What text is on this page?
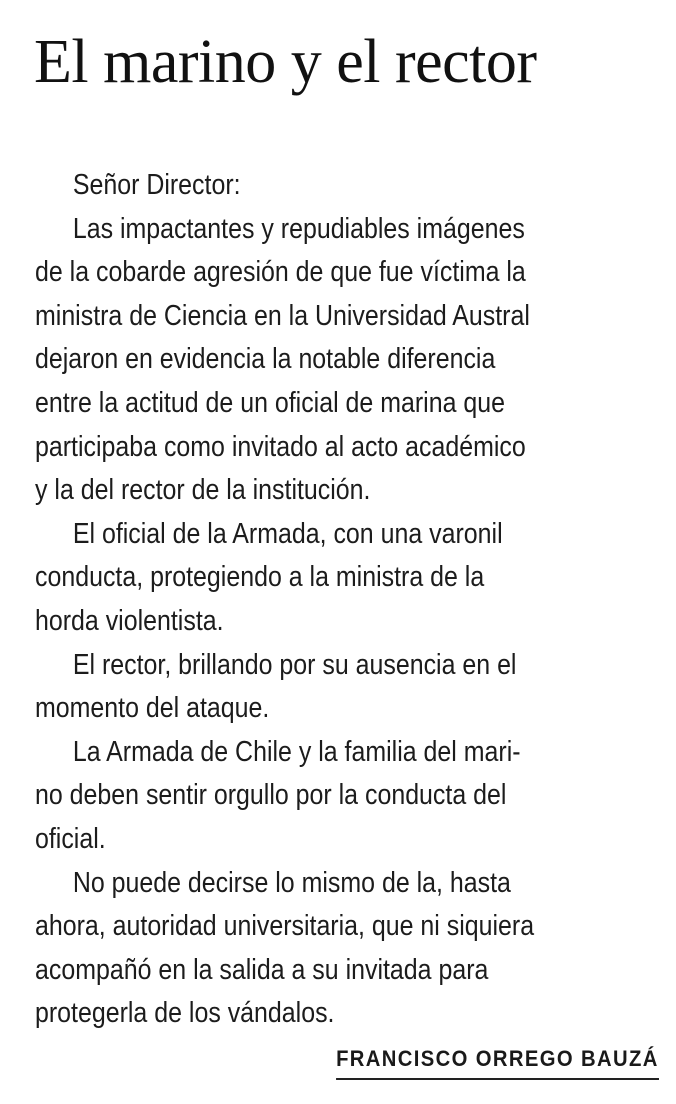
El marino y el rector
Señor Director:
Las impactantes y repudiables imágenes
de la cobarde agresión de que fue víctima la
ministra de Ciencia en la Universidad Austral
dejaron en evidencia la notable diferencia
entre la actitud de un oficial de marina que
participaba como invitado al acto académico
y la del rector de la institución.
El oficial de la Armada, con una varonil
conducta, protegiendo a la ministra de la
horda violentista.
El rector, brillando por su ausencia en el
momento del ataque.
La Armada de Chile y la familia del mari-
no deben sentir orgullo por la conducta del
oficial.
No puede decirse lo mismo de la, hasta
ahora, autoridad universitaria, que ni siquiera
acompañó en la salida a su invitada para
protegerla de los vándalos.
FRANCISCO ORREGO BAUZÁ
